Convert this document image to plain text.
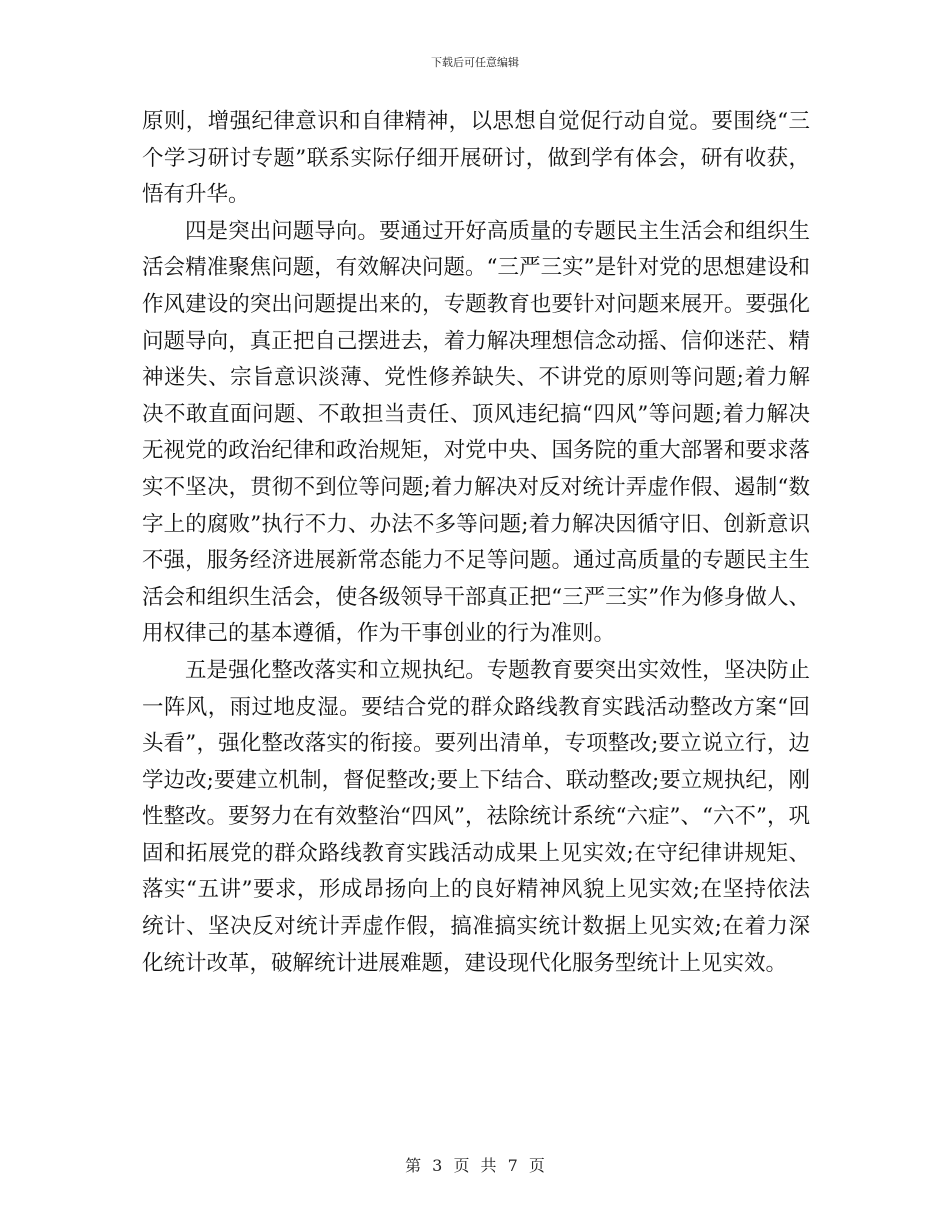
下载后可任意编辑

原则，增强纪律意识和自律精神，以思想自觉促行动自觉。要围绕“三个学习研讨专题”联系实际仔细开展研讨，做到学有体会，研有收获，悟有升华。

四是突出问题导向。要通过开好高质量的专题民主生活会和组织生活会精准聚焦问题，有效解决问题。“三严三实”是针对党的思想建设和作风建设的突出问题提出来的，专题教育也要针对问题来展开。要强化问题导向，真正把自己摆进去，着力解决理想信念动摇、信仰迷茫、精神迷失、宗旨意识淡薄、党性修养缺失、不讲党的原则等问题;着力解决不敢直面问题、不敢担当责任、顶风违纪搞“四风”等问题;着力解决无视党的政治纪律和政治规矩，对党中央、国务院的重大部署和要求落实不坚决，贯彻不到位等问题;着力解决对反对统计弄虚作假、遏制“数字上的腐败”执行不力、办法不多等问题;着力解决因循守旧、创新意识不强，服务经济进展新常态能力不足等问题。通过高质量的专题民主生活会和组织生活会，使各级领导干部真正把“三严三实”作为修身做人、用权律己的基本遵循，作为干事创业的行为准则。

五是强化整改落实和立规执纪。专题教育要突出实效性，坚决防止一阵风，雨过地皮湿。要结合党的群众路线教育实践活动整改方案“回头看”，强化整改落实的衔接。要列出清单，专项整改;要立说立行，边学边改;要建立机制，督促整改;要上下结合、联动整改;要立规执纪，刚性整改。要努力在有效整治“四风”，祛除统计系统“六症”、“六不”，巩固和拓展党的群众路线教育实践活动成果上见实效;在守纪律讲规矩、落实“五讲”要求，形成昂扬向上的良好精神风貌上见实效;在坚持依法统计、坚决反对统计弄虚作假，搞准搞实统计数据上见实效;在着力深化统计改革，破解统计进展难题，建设现代化服务型统计上见实效。

第 3 页 共 7 页
